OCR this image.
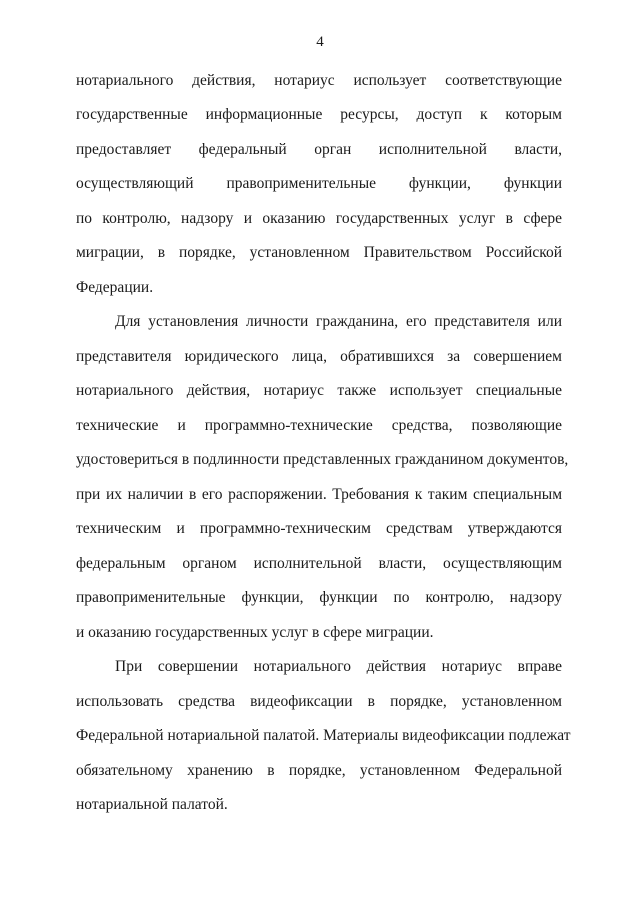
4
нотариального действия, нотариус использует соответствующие
государственные информационные ресурсы, доступ к которым
предоставляет федеральный орган исполнительной власти,
осуществляющий правоприменительные функции, функции
по контролю, надзору и оказанию государственных услуг в сфере
миграции, в порядке, установленном Правительством Российской
Федерации.
Для установления личности гражданина, его представителя или
представителя юридического лица, обратившихся за совершением
нотариального действия, нотариус также использует специальные
технические и программно-технические средства, позволяющие
удостовериться в подлинности представленных гражданином документов,
при их наличии в его распоряжении. Требования к таким специальным
техническим и программно-техническим средствам утверждаются
федеральным органом исполнительной власти, осуществляющим
правоприменительные функции, функции по контролю, надзору
и оказанию государственных услуг в сфере миграции.
При совершении нотариального действия нотариус вправе
использовать средства видеофиксации в порядке, установленном
Федеральной нотариальной палатой. Материалы видеофиксации подлежат
обязательному хранению в порядке, установленном Федеральной
нотариальной палатой.
